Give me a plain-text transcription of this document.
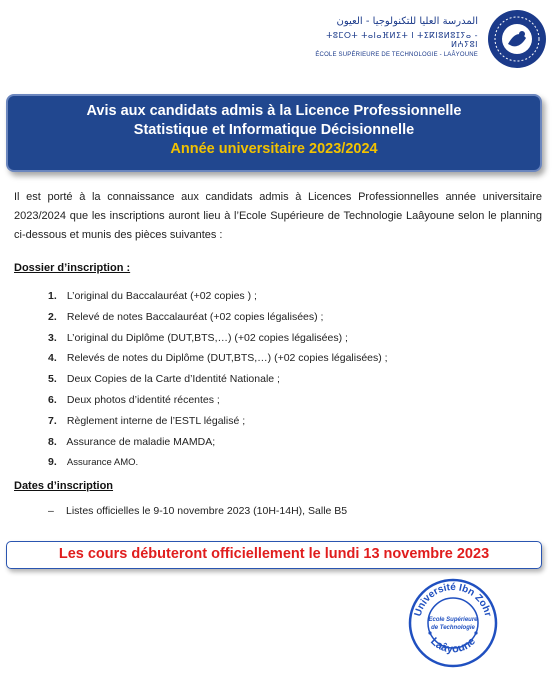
المدرسة العليا للتكنولوجيا - العيون
ⵜⵓⵎⵔⵜ ⵜⴰⵏⴰⴼⵍⵉⵜ ⵏ ⵜⵉⴽⵏⵓⵍⵓⵊⵢⴰ - ⵍⵄⵢⵓⵏ
ÉCOLE SUPÉRIEURE DE TECHNOLOGIE - LAÂYOUNE
Avis aux candidats admis à la Licence Professionnelle
Statistique et Informatique Décisionnelle
Année universitaire 2023/2024
Il est porté à la connaissance aux candidats admis à Licences Professionnelles année universitaire 2023/2024 que les inscriptions auront lieu à l’Ecole Supérieure de Technologie Laâyoune selon le planning ci-dessous et munis des pièces suivantes :
Dossier d’inscription :
1. L’original du Baccalauréat (+02 copies ) ;
2. Relevé de notes Baccalauréat (+02 copies légalisées) ;
3. L’original du Diplôme (DUT,BTS,…) (+02 copies légalisées) ;
4. Relevés de notes du Diplôme (DUT,BTS,…) (+02 copies légalisées) ;
5. Deux Copies de la Carte d’Identité Nationale ;
6. Deux photos d’identité récentes ;
7. Règlement interne de l’ESTL légalisé ;
8. Assurance de maladie MAMDA;
9. Assurance AMO.
Dates d’inscription
– Listes officielles le 9-10 novembre 2023 (10H-14H), Salle B5
Les cours débuteront officiellement le lundi 13 novembre 2023
Université Ibn Zohr
Laâyoune
Ecole Supérieure
de Technologie
